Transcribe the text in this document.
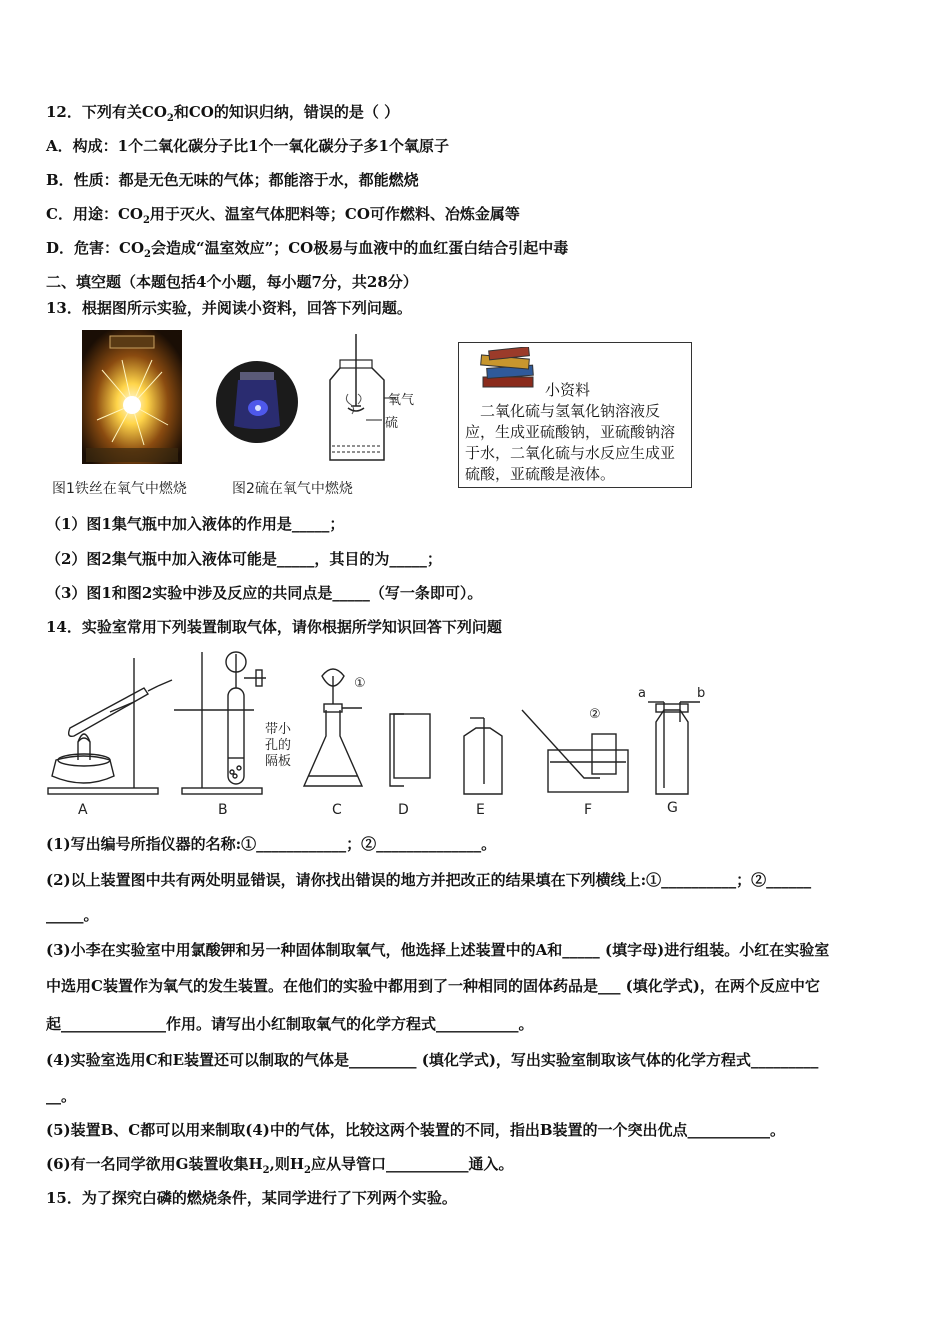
12．下列有关$CO_2$和CO的知识归纳，错误的是（ ）
A．构成：1个二氧化碳分子比1个一氧化碳分子多1个氧原子
B．性质：都是无色无味的气体；都能溶于水，都能燃烧
C．用途：$CO_2$用于灭火、温室气体肥料等；CO可作燃料、冶炼金属等
D．危害：$CO_2$会造成“温室效应”；CO极易与血液中的血红蛋白结合引起中毒
二、填空题（本题包括4个小题，每小题7分，共28分）
13．根据图所示实验，并阅读小资料，回答下列问题。
氧气
硫
小资料
　二氧化硫与氢氧化钠溶液反应，生成亚硫酸钠，亚硫酸钠溶于水，二氧化硫与水反应生成亚硫酸，亚硫酸是液体。
图1铁丝在氧气中燃烧	图2硫在氧气中燃烧
（1）图1集气瓶中加入液体的作用是_____；
（2）图2集气瓶中加入液体可能是_____，其目的为_____；
（3）图1和图2实验中涉及反应的共同点是_____（写一条即可）。
14．实验室常用下列装置制取气体，请你根据所学知识回答下列问题
带小孔的隔板
①
②
a	b
A	B	C	D	E	F	G
(1)写出编号所指仪器的名称:①____________；②______________。
(2)以上装置图中共有两处明显错误，请你找出错误的地方并把改正的结果填在下列横线上:①__________；②______
_____。
(3)小李在实验室中用氯酸钾和另一种固体制取氧气，他选择上述装置中的A和_____ (填字母)进行组装。小红在实验室
中选用C装置作为氧气的发生装置。在他们的实验中都用到了一种相同的固体药品是___ (填化学式)，在两个反应中它
起______________作用。请写出小红制取氧气的化学方程式___________。
(4)实验室选用C和E装置还可以制取的气体是_________ (填化学式)，写出实验室制取该气体的化学方程式_________
__。
(5)装置B、C都可以用来制取(4)中的气体，比较这两个装置的不同，指出B装置的一个突出优点___________。
(6)有一名同学欲用G装置收集$H_2$,则$H_2$应从导管口___________通入。
15．为了探究白磷的燃烧条件，某同学进行了下列两个实验。
